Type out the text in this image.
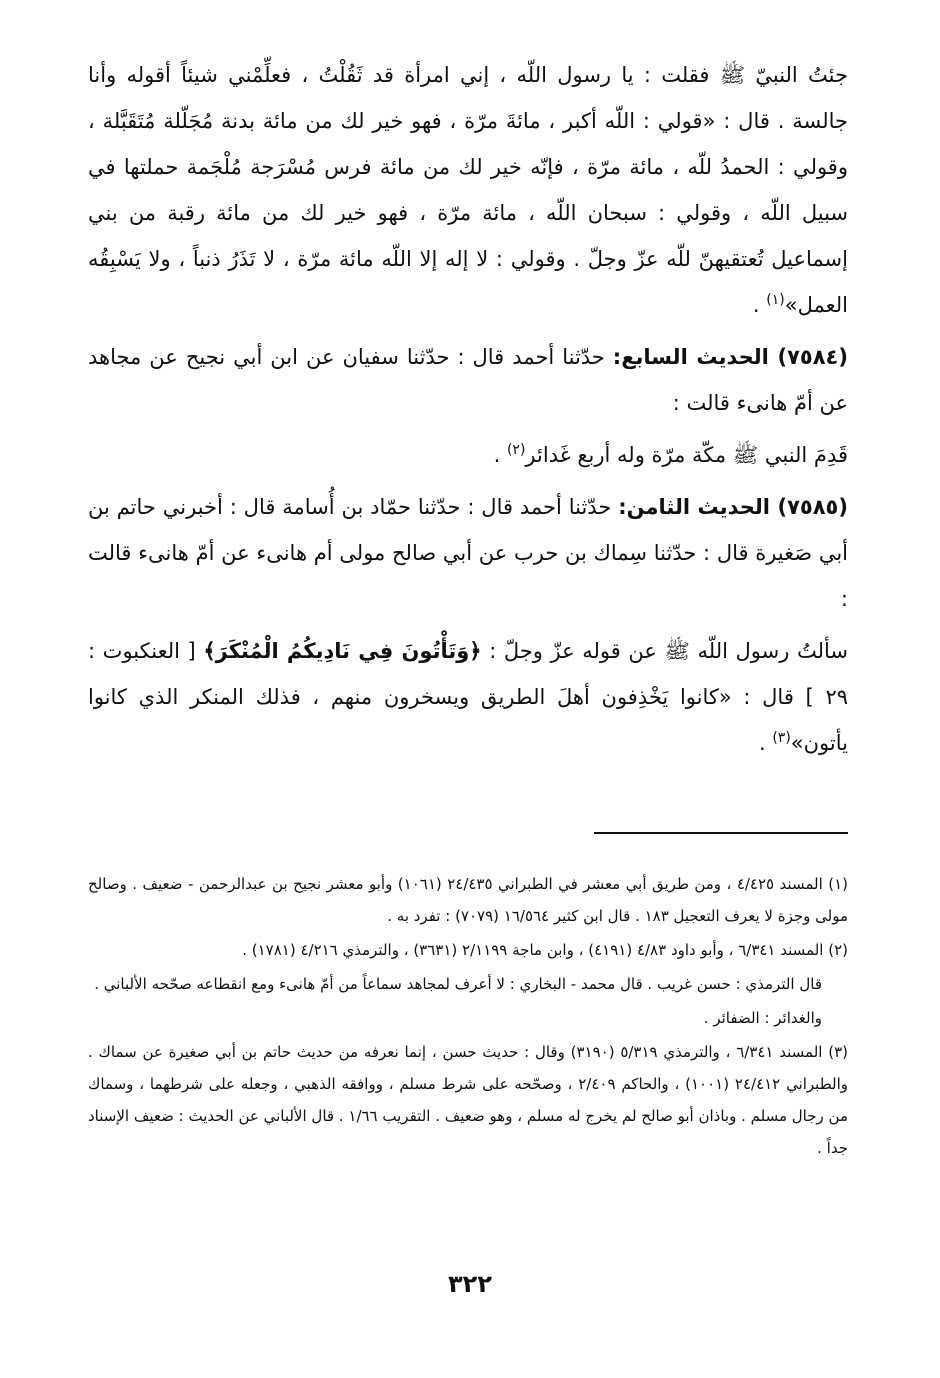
جئتُ النبيّ ﷺ فقلت : يا رسول اللّه ، إني امرأة قد ثَقُلْتُ ، فعلِّمْني شيئاً أقوله وأنا جالسة . قال : «قولي : اللّه أكبر ، مائةَ مرّة ، فهو خير لك من مائة بدنة مُجَلّلة مُتَقَبَّلة ، وقولي : الحمدُ للّه ، مائة مرّة ، فإنّه خير لك من مائة فرس مُسْرَجة مُلْجَمة حملتها في سبيل اللّه ، وقولي : سبحان اللّه ، مائة مرّة ، فهو خير لك من مائة رقبة من بني إسماعيل تُعتقيهنّ للّه عزّ وجلّ . وقولي : لا إله إلا اللّه مائة مرّة ، لا تَذَرُ ذنباً ، ولا يَسْبِقُه العمل»$^{(١)}$ .

(٧٥٨٤) الحديث السابع: حدّثنا أحمد قال : حدّثنا سفيان عن ابن أبي نجيح عن مجاهد عن أمّ هانىء قالت :

قَدِمَ النبي ﷺ مكّة مرّة وله أربع غَدائر$^{(٢)}$ .

(٧٥٨٥) الحديث الثامن: حدّثنا أحمد قال : حدّثنا حمّاد بن أُسامة قال : أخبرني حاتم بن أبي صَغيرة قال : حدّثنا سِماك بن حرب عن أبي صالح مولى أم هانىء عن أمّ هانىء قالت :

سألتُ رسول اللّه ﷺ عن قوله عزّ وجلّ : ﴿وَتَأْتُونَ فِي نَادِيكُمُ الْمُنْكَرَ﴾ [ العنكبوت : ٢٩ ] قال : «كانوا يَخْذِفون أهلَ الطريق ويسخرون منهم ، فذلك المنكر الذي كانوا يأتون»$^{(٣)}$ .

(١) المسند ٤/٤٢٥ ، ومن طريق أبي معشر في الطبراني ٢٤/٤٣٥ (١٠٦١) وأبو معشر نجيح بن عبدالرحمن - ضعيف . وصالح مولى وجزة لا يعرف التعجيل ١٨٣ . قال ابن كثير ١٦/٥٦٤ (٧٠٧٩) : تفرد به .

(٢) المسند ٦/٣٤١ ، وأبو داود ٤/٨٣ (٤١٩١) ، وابن ماجة ٢/١١٩٩ (٣٦٣١) ، والترمذي ٤/٢١٦ (١٧٨١) .

قال الترمذي : حسن غريب . قال محمد - البخاري : لا أعرف لمجاهد سماعاً من أمّ هانىء ومع انقطاعه صحّحه الألباني .

والغدائر : الضفائر .

(٣) المسند ٦/٣٤١ ، والترمذي ٥/٣١٩ (٣١٩٠) وقال : حديث حسن ، إنما نعرفه من حديث حاتم بن أبي صغيرة عن سماك . والطبراني ٢٤/٤١٢ (١٠٠١) ، والحاكم ٢/٤٠٩ ، وصحّحه على شرط مسلم ، ووافقه الذهبي ، وجعله على شرطهما ، وسماك من رجال مسلم . وباذان أبو صالح لم يخرج له مسلم ، وهو ضعيف . التقريب ١/٦٦ . قال الألباني عن الحديث : ضعيف الإسناد جداً .

٣٢٢
